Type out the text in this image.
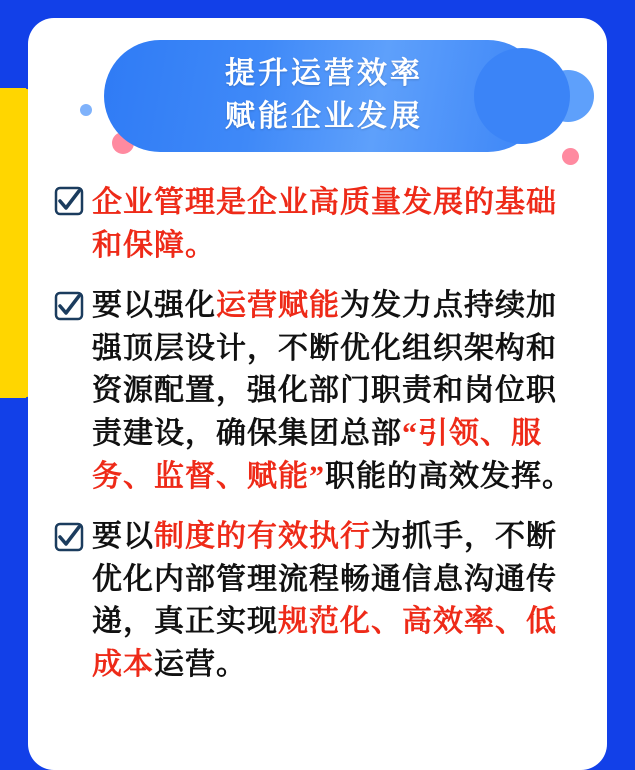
提升运营效率
赋能企业发展
企业管理是企业高质量发展的基础和保障。
要以强化运营赋能为发力点持续加强顶层设计，不断优化组织架构和资源配置，强化部门职责和岗位职责建设，确保集团总部“引领、服务、监督、赋能”职能的高效发挥。
要以制度的有效执行为抓手，不断优化内部管理流程畅通信息沟通传递，真正实现规范化、高效率、低成本运营。
